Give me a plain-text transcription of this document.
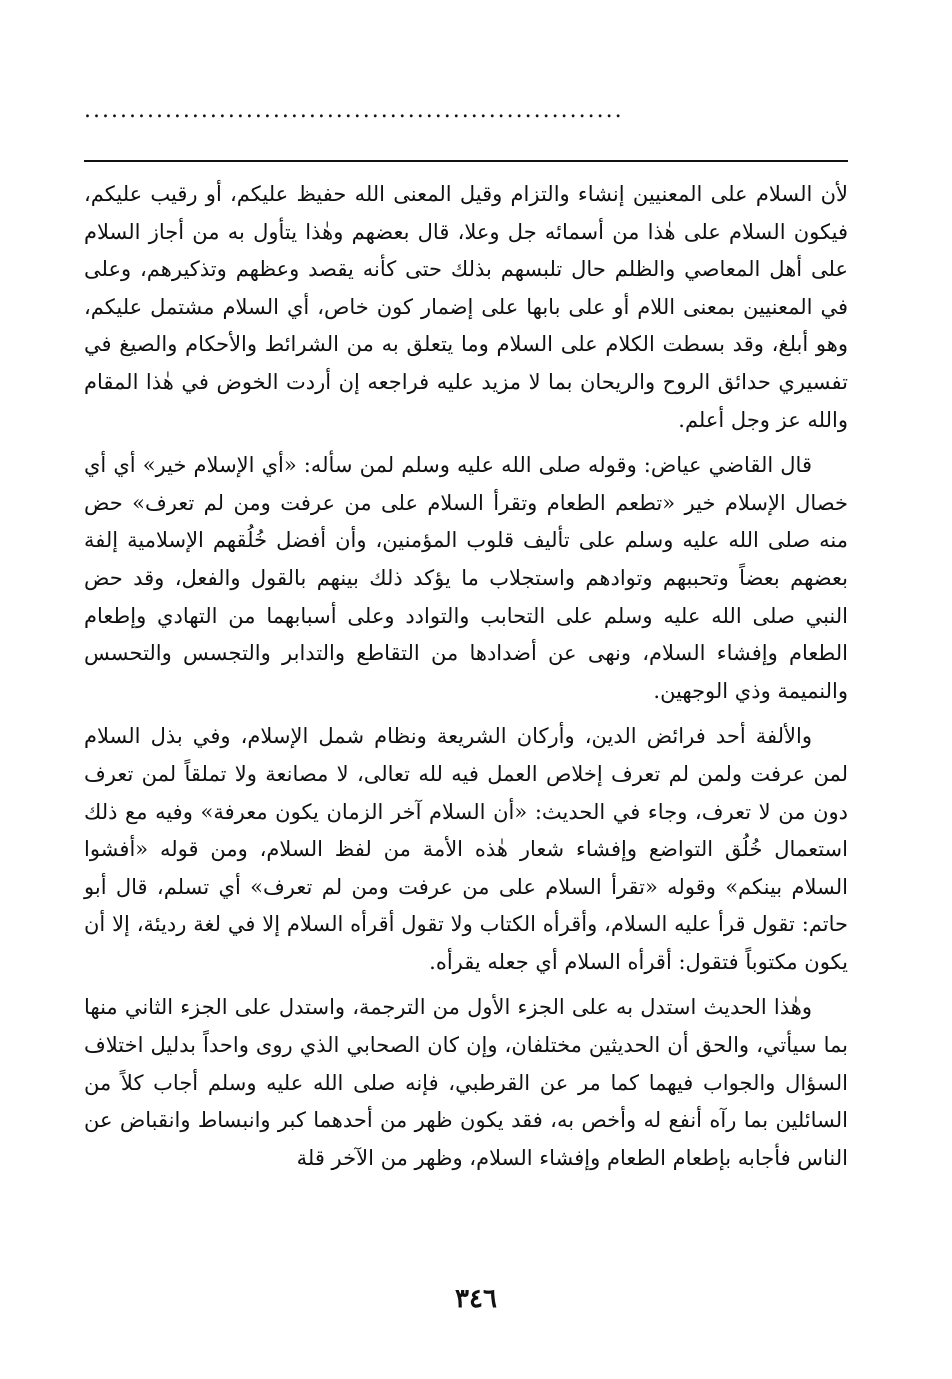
............................................................

لأن السلام على المعنيين إنشاء والتزام وقيل المعنى الله حفيظ عليكم، أو رقيب عليكم، فيكون السلام على هٰذا من أسمائه جل وعلا، قال بعضهم وهٰذا يتأول به من أجاز السلام على أهل المعاصي والظلم حال تلبسهم بذلك حتى كأنه يقصد وعظهم وتذكيرهم، وعلى في المعنيين بمعنى اللام أو على بابها على إضمار كون خاص، أي السلام مشتمل عليكم، وهو أبلغ، وقد بسطت الكلام على السلام وما يتعلق به من الشرائط والأحكام والصيغ في تفسيري حدائق الروح والريحان بما لا مزيد عليه فراجعه إن أردت الخوض في هٰذا المقام والله عز وجل أعلم.

قال القاضي عياض: وقوله صلى الله عليه وسلم لمن سأله: «أي الإسلام خير» أي أي خصال الإسلام خير «تطعم الطعام وتقرأ السلام على من عرفت ومن لم تعرف» حض منه صلى الله عليه وسلم على تأليف قلوب المؤمنين، وأن أفضل خُلُقهم الإسلامية إلفة بعضهم بعضاً وتحببهم وتوادهم واستجلاب ما يؤكد ذلك بينهم بالقول والفعل، وقد حض النبي صلى الله عليه وسلم على التحابب والتوادد وعلى أسبابهما من التهادي وإطعام الطعام وإفشاء السلام، ونهى عن أضدادها من التقاطع والتدابر والتجسس والتحسس والنميمة وذي الوجهين.

والألفة أحد فرائض الدين، وأركان الشريعة ونظام شمل الإسلام، وفي بذل السلام لمن عرفت ولمن لم تعرف إخلاص العمل فيه لله تعالى، لا مصانعة ولا تملقاً لمن تعرف دون من لا تعرف، وجاء في الحديث: «أن السلام آخر الزمان يكون معرفة» وفيه مع ذلك استعمال خُلُق التواضع وإفشاء شعار هٰذه الأمة من لفظ السلام، ومن قوله «أفشوا السلام بينكم» وقوله «تقرأ السلام على من عرفت ومن لم تعرف» أي تسلم، قال أبو حاتم: تقول قرأ عليه السلام، وأقرأه الكتاب ولا تقول أقرأه السلام إلا في لغة رديئة، إلا أن يكون مكتوباً فتقول: أقرأه السلام أي جعله يقرأه.

وهٰذا الحديث استدل به على الجزء الأول من الترجمة، واستدل على الجزء الثاني منها بما سيأتي، والحق أن الحديثين مختلفان، وإن كان الصحابي الذي روى واحداً بدليل اختلاف السؤال والجواب فيهما كما مر عن القرطبي، فإنه صلى الله عليه وسلم أجاب كلاً من السائلين بما رآه أنفع له وأخص به، فقد يكون ظهر من أحدهما كبر وانبساط وانقباض عن الناس فأجابه بإطعام الطعام وإفشاء السلام، وظهر من الآخر قلة

٣٤٦
